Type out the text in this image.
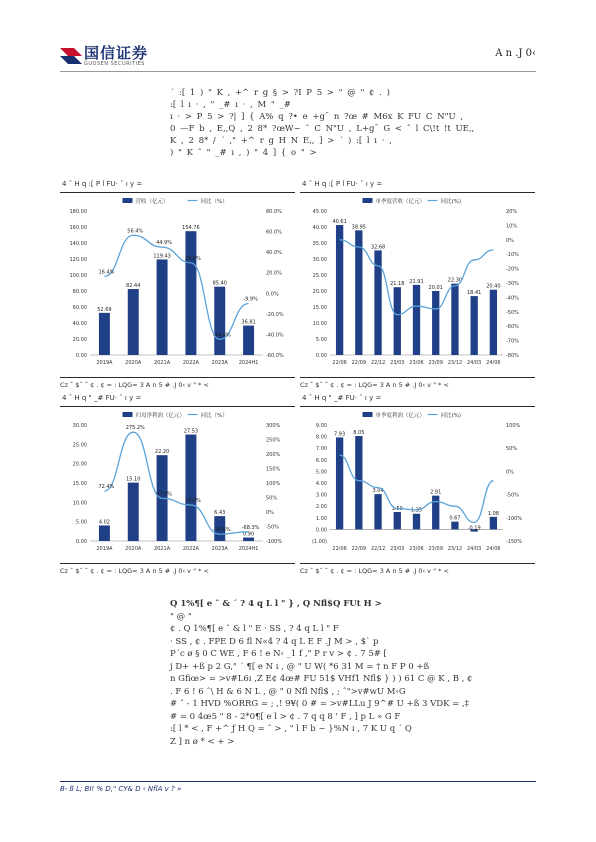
国信证券
GUOSEN SECURITIES
A n .J 0‹

´ :[ 1 ) " K , +^ r g § > ?I P 5 > " @ " ¢ . )

:[ l ı · , " _# ı · , M " _#

ı · > P 5 > ?| ] { A% q ?• e +g¯ n ?œ # M6x K FU C N"U ,

0 —F b , E,,Q , 2 8* ?œW~ ˆ C N"U , L+g¯ G < ˆ l C\!t !t UE,,

K , 2 8* / ´ ," +^ r g H N E,, ] > ´ ) :[ l ı · ,

) " K ˆ " _# ı , ) " 4 ] { o " >

4 ˆ H q :[ P l FU· ˆ ı y =
营收（亿元）	同比（%）
0.00
20.00
40.00
60.00
80.00
100.00
120.00
140.00
160.00
180.00
-60.0%
-40.0%
-20.0%
0.0%
20.0%
40.0%
60.0%
80.0%
52.69
2019A
82.44
2020A
119.43
2021A
154.76
2022A
85.40
2023A
36.81
2024H1
16.4%
56.4%
44.9%
29.6%
-44.8%
-9.9%
Cz ˆ $ˆ ˆ ¢ . ¢ = : LQG= 3 A n 5 # .J 0‹ v " * <
4 ˆ H q :[ P l FU· ˆ ı y =
单季度营收（亿元）	同比(%)
0.00
5.00
10.00
15.00
20.00
25.00
30.00
35.00
40.00
45.00
-80%
-70%
-60%
-50%
-40%
-30%
-20%
-10%
0%
10%
20%
40.61
22/06
38.95
22/09
32.68
22/12
21.18
23/03
21.91
23/06
20.01
23/09
22.30
23/12
18.41
24/03
20.40
24/06
Cz ˆ $ˆ ˆ ¢ . ¢ = : LQG= 3 A n 5 # .J 0‹ v " * <
4 ˆ H q " _# FU· ˆ ı y =
归母净利润（亿元）	同比（%）
0.00
5.00
10.00
15.00
20.00
25.00
30.00
-100%
-50%
0%
50%
100%
150%
200%
250%
300%
4.02
2019A
15.10
2020A
22.20
2021A
27.53
2022A
6.43
2023A
0.90
2024H1
72.4%
275.2%
47.0%
24.0%
-76.6% -68.3%
Cz ˆ $ˆ ˆ ¢ . ¢ = : LQG= 3 A n 5 # .J 0‹ v " * <
4 ˆ H q " _# FU· ˆ ı y =
单季度利润（亿元）	同比(%)
(1.00)
0.00
1.00
2.00
3.00
4.00
5.00
6.00
7.00
8.00
9.00
-150%
-100%
-50%
0%
50%
100%
7.93
22/06
8.05
22/09
3.04
22/12
1.50
23/03
1.35
23/06
2.91
23/09
0.67
23/12
-0.19
24/03
1.08
24/06
Cz ˆ $ˆ ˆ ¢ . ¢ = : LQG= 3 A n 5 # .J 0‹ v " * <

Q 1%¶[ e ˆ & ´ ? 4 q L l " } , Q Nfl$Q FUt H >

" @ "

¢ . Q 1%¶[ e ˆ & l " E · SS , ? 4 q L l " F

· SS , ¢ . FPE D 6 fl N«4 ? 4 q L E F .J M > , $` p

P´c ø § 0 C WE , F 6 ! e N‹ _1 f ," P r v > ¢ . 7 5# [

j D+ +ß p 2 G," ´ ¶[ e N ı , @ " U W( *6 31 M = † n F P 0 +ß

n Gfiœ> = >v#L6ı ,Z E¢ 4œ# FU 51$ VHf1 Nfl$ } ) ) 61 C @ K , B , ¢

. F 6 ! 6 ˆ\ H & 6 N L , @ " 0 Nfl Nfl$ , ; ˆ">v#wU M‹G

# ˆ - 1 HVD %ORRG = ; ,! 9¥( 0 # = >v#LLu J 9^# U +ß 3 VDK = ,‡

# = 0 4œ5 " 8 - 2*0¶[ e l > ¢ . 7 q q 8 ' F , ] p L » G F

:[ l * < , F +^ ƒ H Q = ˆ > , " l F b ~ }%N ı , 7 K U q ´ Q

Z ] n ø * < + >

B- ß L; BI! % D," CY& D ‹ NflA v ? »
